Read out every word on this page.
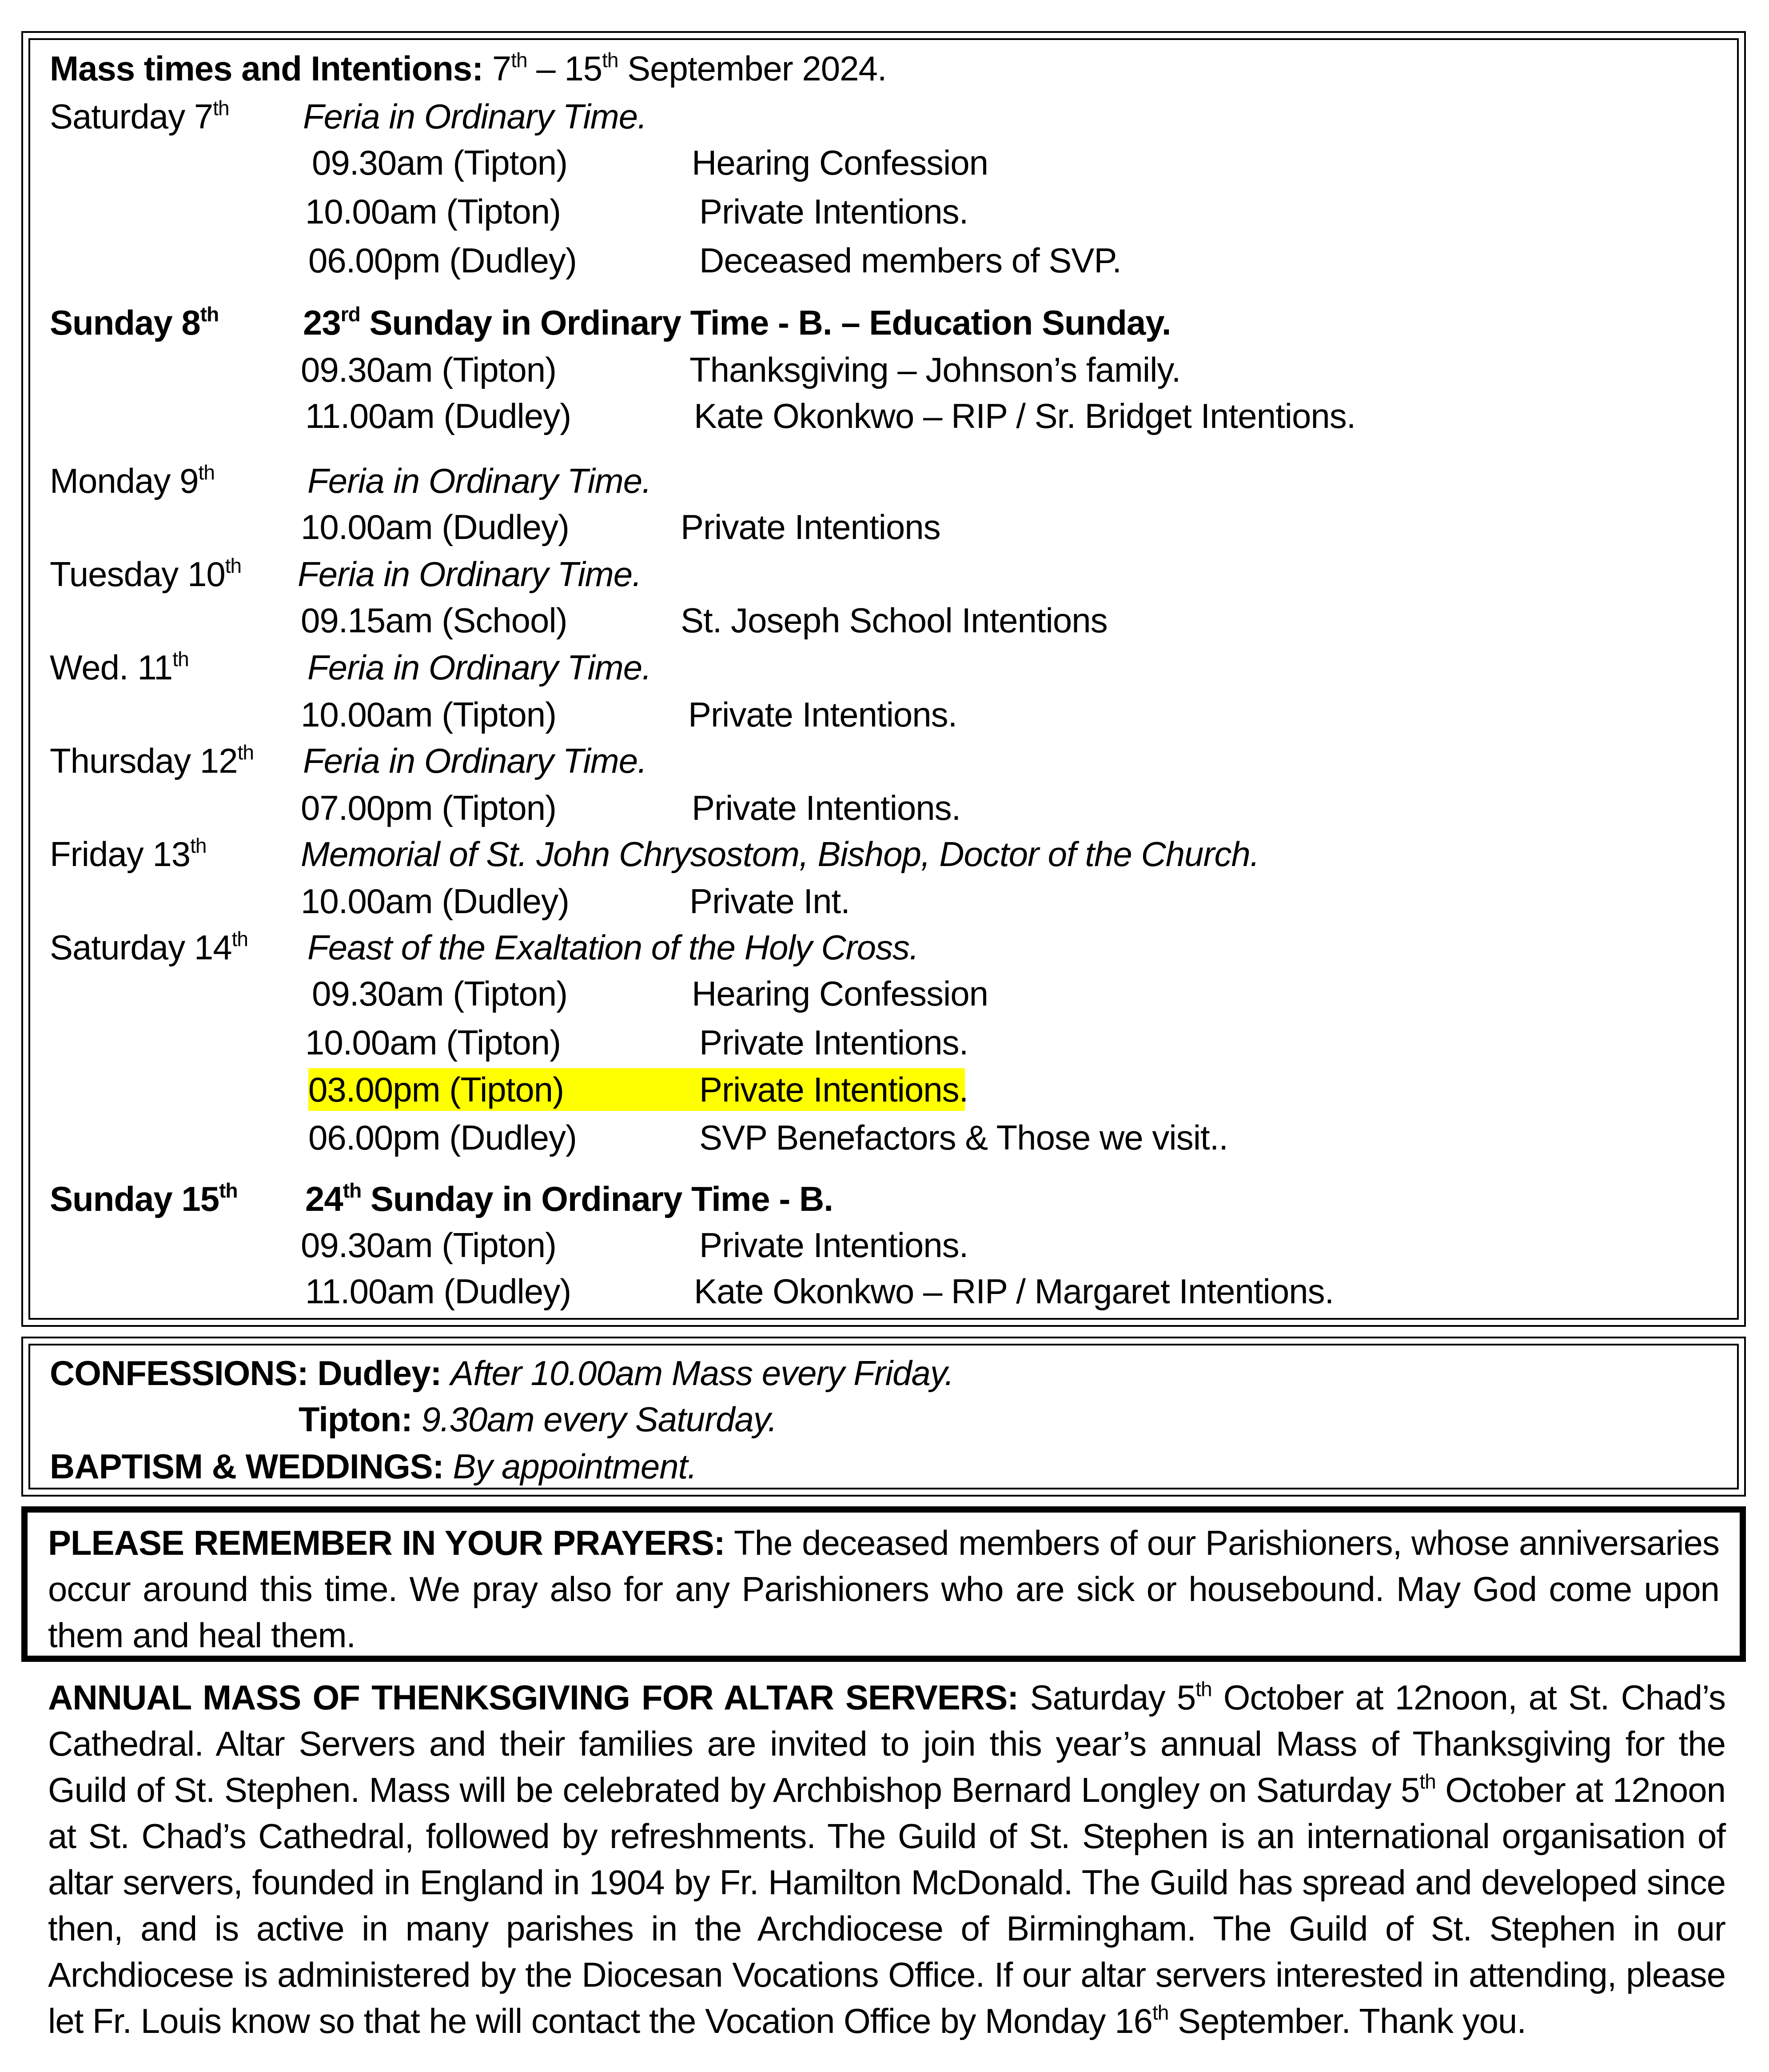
Mass times and Intentions: 7th – 15th September 2024.
Saturday 7th Feria in Ordinary Time.
09.30am (Tipton)	Hearing Confession
10.00am (Tipton)	Private Intentions.
06.00pm (Dudley)	Deceased members of SVP.
Sunday 8th 23rd Sunday in Ordinary Time - B. – Education Sunday.
09.30am (Tipton)	Thanksgiving – Johnson’s family.
11.00am (Dudley)	Kate Okonkwo – RIP / Sr. Bridget Intentions.
Monday 9th	Feria in Ordinary Time.
10.00am (Dudley)	Private Intentions
Tuesday 10th Feria in Ordinary Time.
09.15am (School)	St. Joseph School Intentions
Wed. 11th	Feria in Ordinary Time.
10.00am (Tipton)	Private Intentions.
Thursday 12th Feria in Ordinary Time.
07.00pm (Tipton)	Private Intentions.
Friday 13th	Memorial of St. John Chrysostom, Bishop, Doctor of the Church.
10.00am (Dudley)	Private Int.
Saturday 14th Feast of the Exaltation of the Holy Cross.
09.30am (Tipton)	Hearing Confession
10.00am (Tipton)	Private Intentions.
03.00pm (Tipton)	Private Intentions.
06.00pm (Dudley)	SVP Benefactors & Those we visit..
Sunday 15th 24th Sunday in Ordinary Time - B.
09.30am (Tipton)	Private Intentions.
11.00am (Dudley)	Kate Okonkwo – RIP / Margaret Intentions.
CONFESSIONS: Dudley: After 10.00am Mass every Friday.
Tipton: 9.30am every Saturday.
BAPTISM & WEDDINGS: By appointment.
PLEASE REMEMBER IN YOUR PRAYERS: The deceased members of our Parishioners, whose anniversaries occur around this time. We pray also for any Parishioners who are sick or housebound. May God come upon them and heal them.
ANNUAL MASS OF THENKSGIVING FOR ALTAR SERVERS: Saturday 5th October at 12noon, at St. Chad’s Cathedral. Altar Servers and their families are invited to join this year’s annual Mass of Thanksgiving for the Guild of St. Stephen. Mass will be celebrated by Archbishop Bernard Longley on Saturday 5th October at 12noon at St. Chad’s Cathedral, followed by refreshments. The Guild of St. Stephen is an international organisation of altar servers, founded in England in 1904 by Fr. Hamilton McDonald. The Guild has spread and developed since then, and is active in many parishes in the Archdiocese of Birmingham. The Guild of St. Stephen in our Archdiocese is administered by the Diocesan Vocations Office. If our altar servers interested in attending, please let Fr. Louis know so that he will contact the Vocation Office by Monday 16th September. Thank you.
